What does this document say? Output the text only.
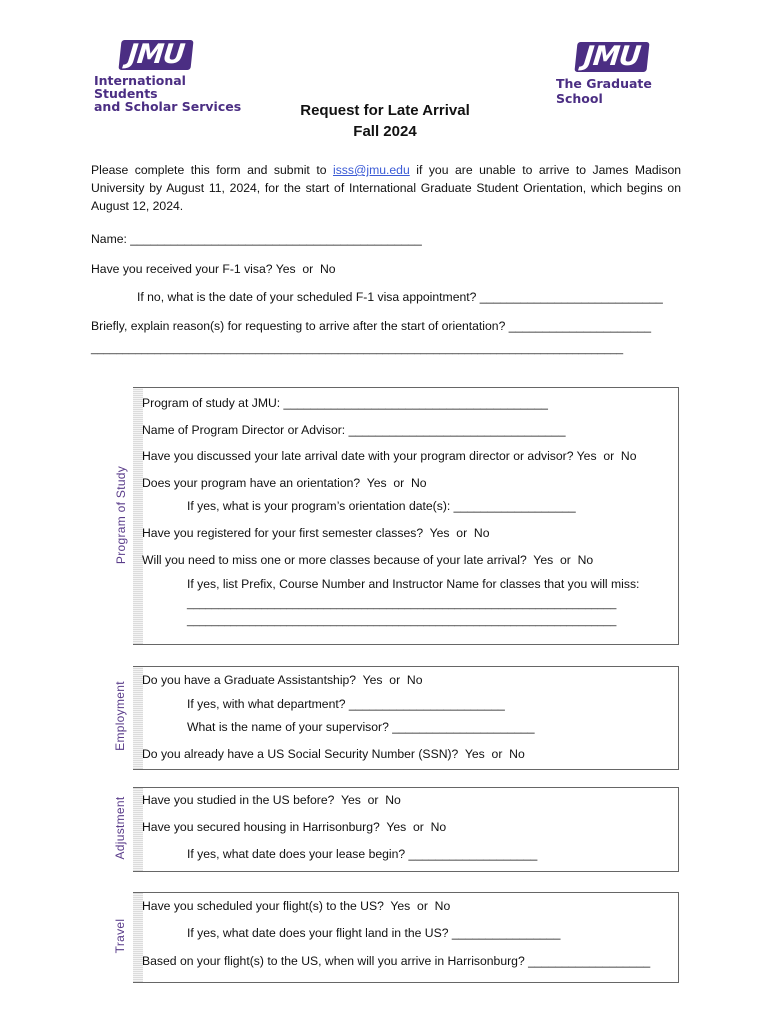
JMU
International Students
and Scholar Services
JMU
The Graduate School
Request for Late Arrival
Fall 2024
Please complete this form and submit to isss@jmu.edu if you are unable to arrive to James Madison University by August 11, 2024, for the start of International Graduate Student Orientation, which begins on August 12, 2024.
Name: ___________________________________________
Have you received your F-1 visa? Yes  or  No
If no, what is the date of your scheduled F-1 visa appointment? ___________________________
Briefly, explain reason(s) for requesting to arrive after the start of orientation? _____________________
____________________________________________________________________________________
Program of Study
Program of study at JMU: _______________________________________
Name of Program Director or Advisor: ________________________________
Have you discussed your late arrival date with your program director or advisor? Yes  or  No
Does your program have an orientation?  Yes  or  No
If yes, what is your program’s orientation date(s): __________________
Have you registered for your first semester classes?  Yes  or  No
Will you need to miss one or more classes because of your late arrival?  Yes  or  No
If yes, list Prefix, Course Number and Instructor Name for classes that you will miss:
_____________________________________________________________________
_____________________________________________________________________
Employment
Do you have a Graduate Assistantship?  Yes  or  No
If yes, with what department? _______________________
What is the name of your supervisor? _____________________
Do you already have a US Social Security Number (SSN)?  Yes  or  No
Adjustment Have you studied in the US before?  Yes  or  No
Have you secured housing in Harrisonburg?  Yes  or  No
If yes, what date does your lease begin? ___________________
Travel
Have you scheduled your flight(s) to the US?  Yes  or  No
If yes, what date does your flight land in the US? ________________
Based on your flight(s) to the US, when will you arrive in Harrisonburg? __________________
